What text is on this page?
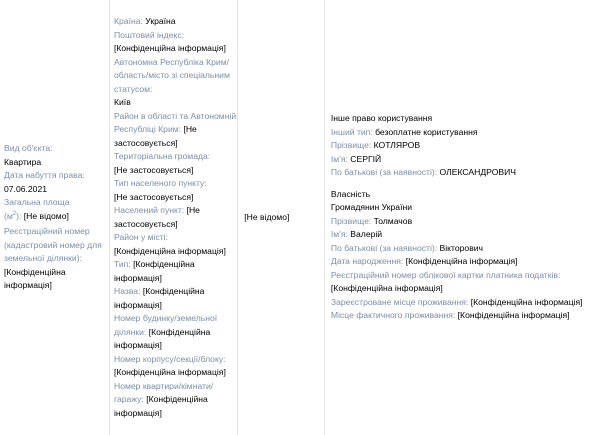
Вид об'єкта:
Квартира
Дата набуття права:
07.06.2021
Загальна площа
$(м^2)$: [Не відомо]
Реєстраційний номер (кадастровий номер для земельної ділянки):
[Конфіденційна інформація]

Країна: Україна
Поштовий індекс:
[Конфіденційна інформація]
Автономна Республіка Крим/область/місто зі спеціальним статусом:
Київ
Район в області та Автономній Республіці Крим: [Не застосовується]
Територіальна громада:
[Не застосовується]
Тип населеного пункту:
[Не застосовується]
Населений пункт: [Не застосовується]
Район у місті:
[Конфіденційна інформація]
Тип: [Конфіденційна інформація]
Назва: [Конфіденційна інформація]
Номер будинку/земельної ділянки: [Конфіденційна інформація]
Номер корпусу/секції/блоку: [Конфіденційна інформація]
Номер квартири/кімнати/гаражу: [Конфіденційна інформація]

[Не відомо]

Інше право користування
Інший тип: безоплатне користування
Прізвище: КОТЛЯРОВ
Ім'я: СЕРГІЙ
По батькові (за наявності): ОЛЕКСАНДРОВИЧ
Власність
Громадянин України
Прізвище: Толмачов
Ім'я: Валерій
По батькові (за наявності): Вікторович
Дата народження: [Конфіденційна інформація]
Реєстраційний номер облікової картки платника податків:
[Конфіденційна інформація]
Зареєстроване місце проживання: [Конфіденційна інформація]
Місце фактичного проживання: [Конфіденційна інформація]
